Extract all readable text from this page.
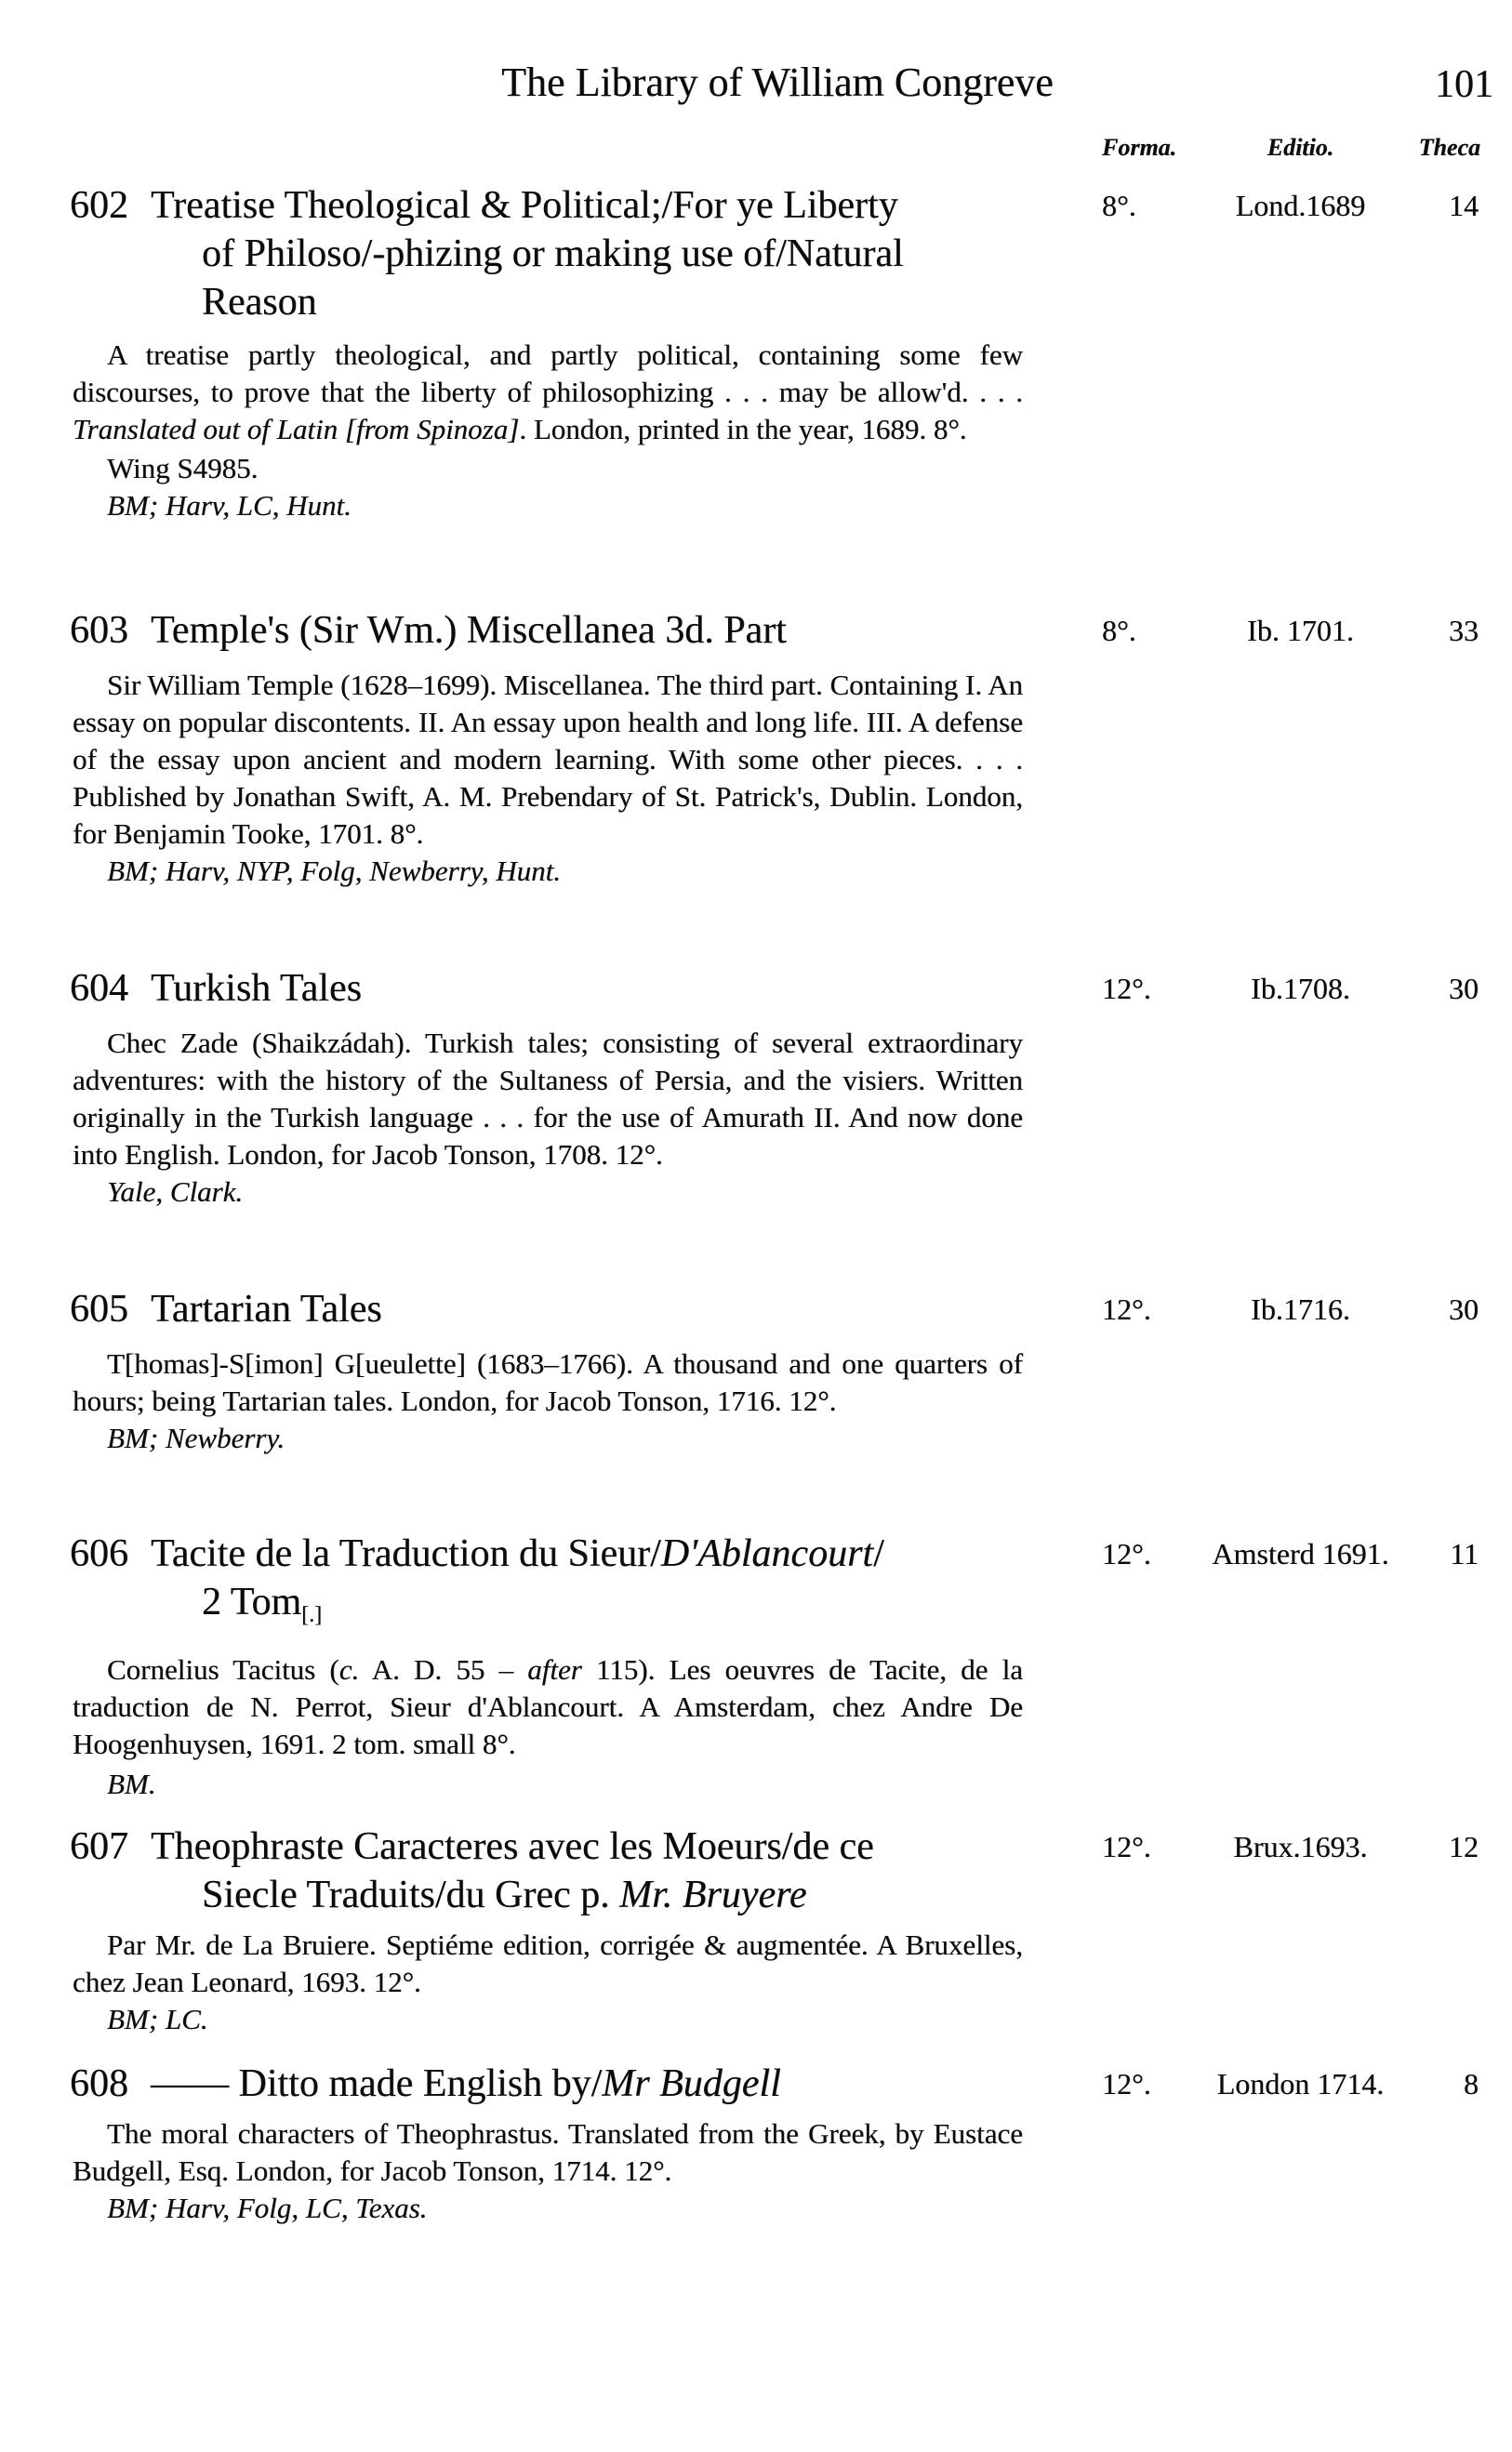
The Library of William Congreve	101
Forma.	Editio.	Theca
602 Treatise Theological & Political;/For ye Liberty
of Philoso/-phizing or making use of/Natural
Reason
8°.	Lond.1689	14

A treatise partly theological, and partly political, containing some few discourses, to prove that the liberty of philosophizing . . . may be allow'd. . . . Translated out of Latin [from Spinoza]. London, printed in the year, 1689. 8°.

Wing S4985.

BM; Harv, LC, Hunt.

603 Temple's (Sir Wm.) Miscellanea 3d. Part	8°.	Ib. 1701.	33

Sir William Temple (1628–1699). Miscellanea. The third part. Containing I. An essay on popular discontents. II. An essay upon health and long life. III. A defense of the essay upon ancient and modern learning. With some other pieces. . . . Published by Jonathan Swift, A. M. Prebendary of St. Patrick's, Dublin. London, for Benjamin Tooke, 1701. 8°.

BM; Harv, NYP, Folg, Newberry, Hunt.

604 Turkish Tales	12°.	Ib.1708.	30

Chec Zade (Shaikzádah). Turkish tales; consisting of several extraordinary adventures: with the history of the Sultaness of Persia, and the visiers. Written originally in the Turkish language . . . for the use of Amurath II. And now done into English. London, for Jacob Tonson, 1708. 12°.

Yale, Clark.

605 Tartarian Tales	12°.	Ib.1716.	30

T[homas]-S[imon] G[ueulette] (1683–1766). A thousand and one quarters of hours; being Tartarian tales. London, for Jacob Tonson, 1716. 12°.

BM; Newberry.

606 Tacite de la Traduction du Sieur/D'Ablancourt/
2 Tom$_{[.]}$
12°.	Amsterd 1691.	11

Cornelius Tacitus (c. A. D. 55 – after 115). Les oeuvres de Tacite, de la traduction de N. Perrot, Sieur d'Ablancourt. A Amsterdam, chez Andre De Hoogenhuysen, 1691. 2 tom. small 8°.

BM.

607 Theophraste Caracteres avec les Moeurs/de ce
Siecle Traduits/du Grec p. Mr. Bruyere
12°.	Brux.1693.	12

Par Mr. de La Bruiere. Septiéme edition, corrigée & augmentée. A Bruxelles, chez Jean Leonard, 1693. 12°.

BM; LC.

608 —— Ditto made English by/Mr Budgell	12°.	London 1714.	8

The moral characters of Theophrastus. Translated from the Greek, by Eustace Budgell, Esq. London, for Jacob Tonson, 1714. 12°.

BM; Harv, Folg, LC, Texas.
